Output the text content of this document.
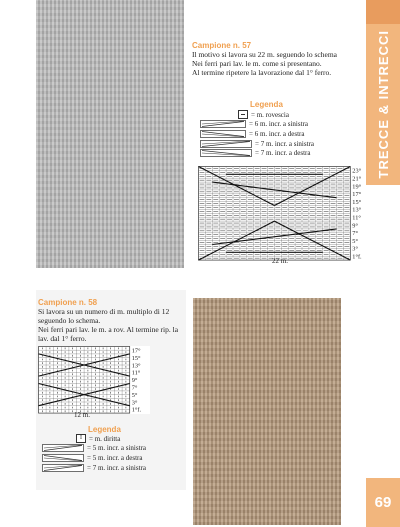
TRECCE & INTRECCI
69
Campione n. 57
Il motivo si lavora su 22 m. seguendo lo schema
Nei ferri pari lav. le m. come si presentano.
Al termine ripetere la lavorazione dal 1° ferro.
Legenda
= m. rovescia
= 6 m. incr. a sinistra
= 6 m. incr. a destra
= 7 m. incr. a sinistra
= 7 m. incr. a destra
23°
21°
19°
17°
15°
13°
11°
9°
7°
5°
3°
1°f.
22 m.
Campione n. 58
Si lavora su un numero di m. multiplo di 12
seguendo lo schema.
Nei ferri pari lav. le m. a rov. Al termine rip. la
lav. dal 1° ferro.
17°
15°
13°
11°
9°
7°
5°
3°
1°f.
12 m.
Legenda
I	= m. diritta
= 5 m. incr. a sinistra
= 5 m. incr. a destra
= 7 m. incr. a sinistra
